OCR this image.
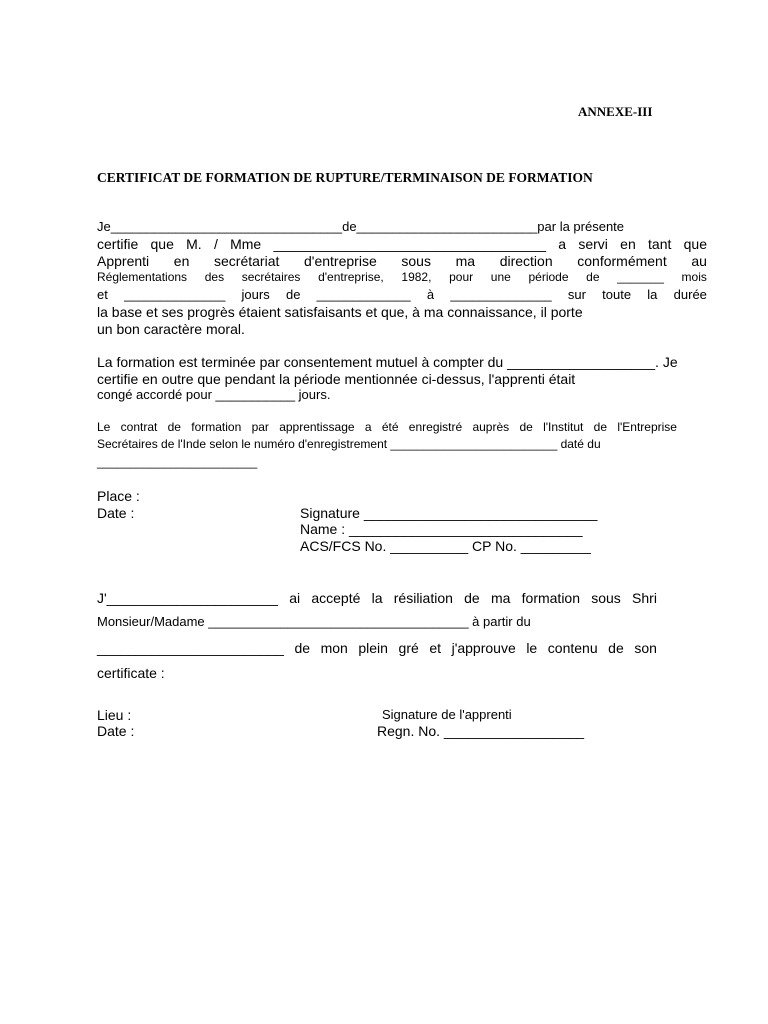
ANNEXE-III
CERTIFICAT DE FORMATION DE RUPTURE/TERMINAISON DE FORMATION
Je________________________________de_________________________par la présente
certifie que M. / Mme ___________________________________ a servi en tant que
Apprenti en secrétariat d'entreprise sous ma direction conformément au
Réglementations des secrétaires d'entreprise, 1982, pour une période de _______ mois
et ______________ jours de _____________ à ______________ sur toute la durée
la base et ses progrès étaient satisfaisants et que, à ma connaissance, il porte
un bon caractère moral.
La formation est terminée par consentement mutuel à compter du ___________________. Je
certifie en outre que pendant la période mentionnée ci-dessus, l'apprenti était
congé accordé pour ___________ jours.
Le contrat de formation par apprentissage a été enregistré auprès de l'Institut de l'Entreprise
Secrétaires de l'Inde selon le numéro d'enregistrement _________________________ daté du
________________________
Place :
Date :	Signature ______________________________
Name : ______________________________
ACS/FCS No. __________ CP No. _________
J'______________________ ai accepté la résiliation de ma formation sous Shri
Monsieur/Madame ____________________________________ à partir du
________________________ de mon plein gré et j'approuve le contenu de son
certificate :
Lieu :
Date :
Signature de l'apprenti
Regn. No. __________________
